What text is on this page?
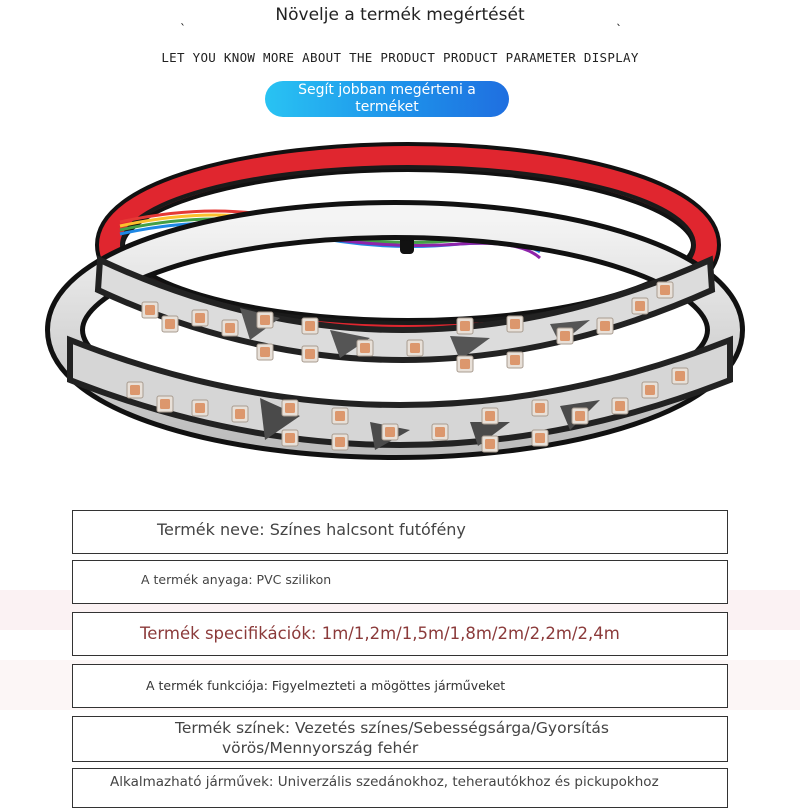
Növelje a termék megértését
ˋ
ˎ
LET YOU KNOW MORE ABOUT THE PRODUCT PRODUCT PARAMETER DISPLAY
Segít jobban megérteni a terméket
Termék neve: Színes halcsont futófény
A termék anyaga: PVC szilikon
Termék specifikációk: 1m/1,2m/1,5m/1,8m/2m/2,2m/2,4m
A termék funkciója: Figyelmezteti a mögöttes járműveket
Termék színek: Vezetés színes/Sebességsárga/Gyorsítás
vörös/Mennyország fehér
Alkalmazható járművek: Univerzális szedánokhoz, teherautókhoz és pickupokhoz
